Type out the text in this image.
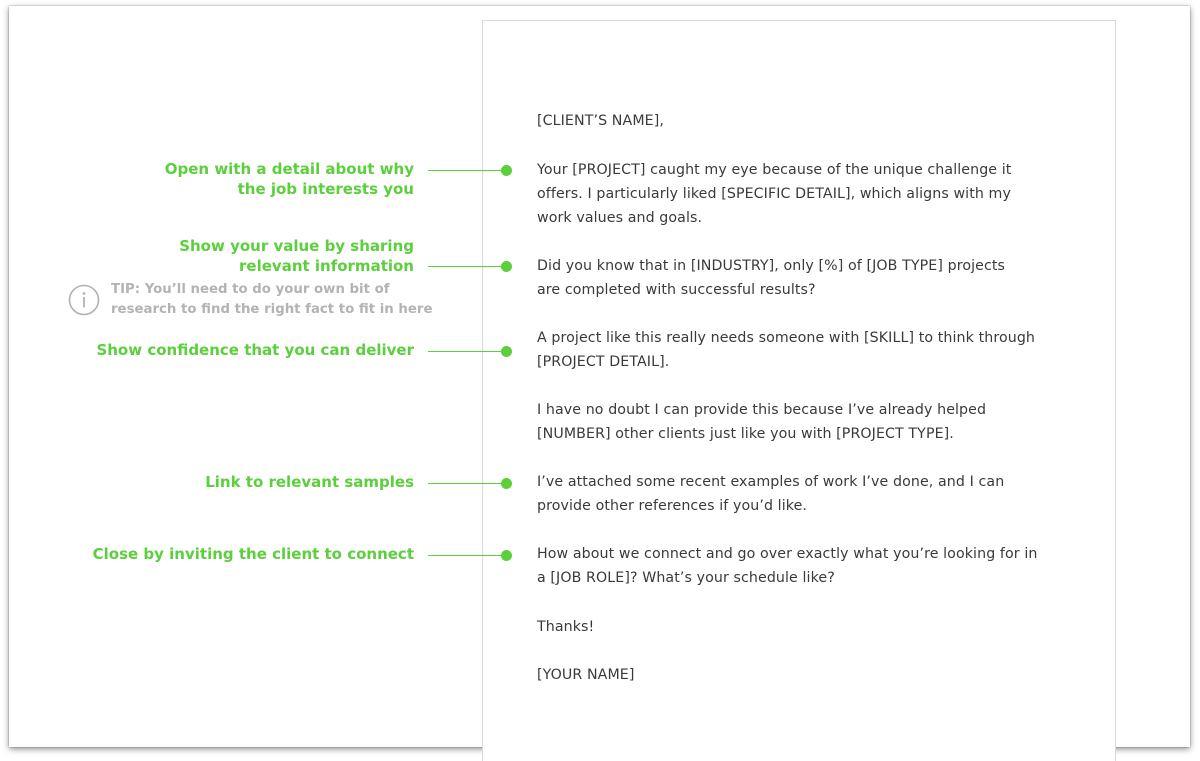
[CLIENT’S NAME],

Your [PROJECT] caught my eye because of the unique challenge it
offers. I particularly liked [SPECIFIC DETAIL], which aligns with my
work values and goals.

Did you know that in [INDUSTRY], only [%] of [JOB TYPE] projects
are completed with successful results?

A project like this really needs someone with [SKILL] to think through
[PROJECT DETAIL].

I have no doubt I can provide this because I’ve already helped
[NUMBER] other clients just like you with [PROJECT TYPE].

I’ve attached some recent examples of work I’ve done, and I can
provide other references if you’d like.

How about we connect and go over exactly what you’re looking for in
a [JOB ROLE]? What’s your schedule like?

Thanks!

[YOUR NAME]

Open with a detail about why
the job interests you
Show your value by sharing
relevant information
TIP: You’ll need to do your own bit of
research to find the right fact to fit in here
Show confidence that you can deliver
Link to relevant samples
Close by inviting the client to connect
